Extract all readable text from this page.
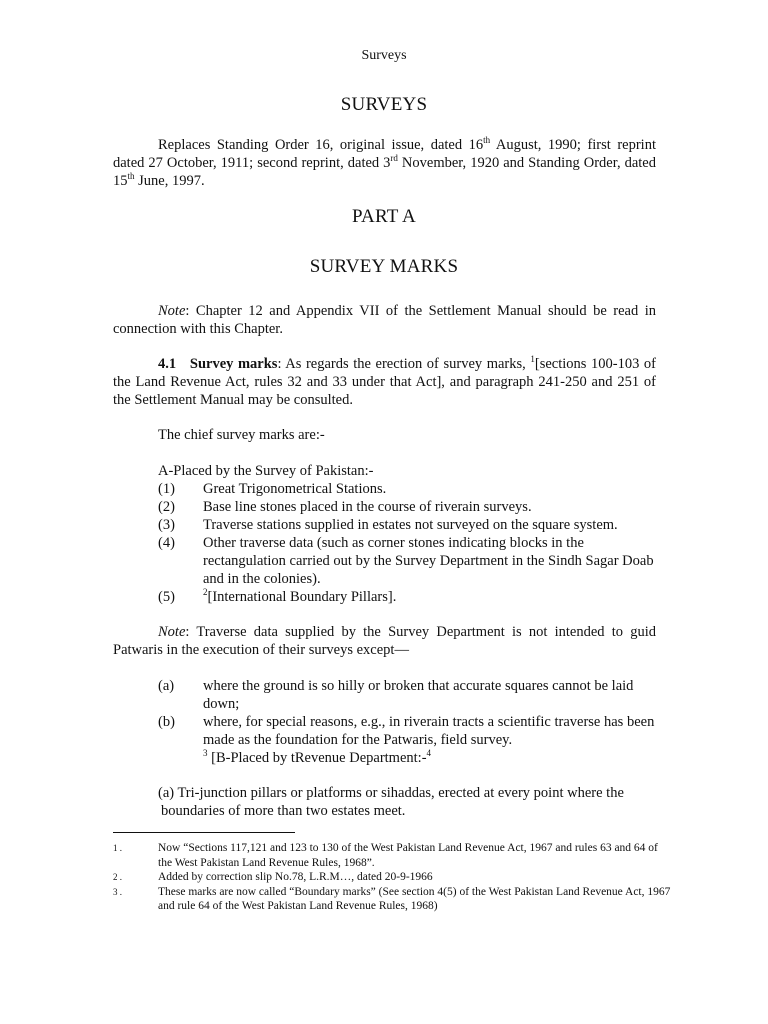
Surveys
SURVEYS
Replaces Standing Order 16, original issue, dated 16th August, 1990; first reprint dated 27 October, 1911; second reprint, dated 3rd November, 1920 and Standing Order, dated 15th June, 1997.
PART A
SURVEY MARKS
Note: Chapter 12 and Appendix VII of the Settlement Manual should be read in connection with this Chapter.
4.1 Survey marks: As regards the erection of survey marks, $^1$[sections 100-103 of the Land Revenue Act, rules 32 and 33 under that Act], and paragraph 241-250 and 251 of the Settlement Manual may be consulted.
The chief survey marks are:-
A-Placed by the Survey of Pakistan:-
(1) Great Trigonometrical Stations.
(2) Base line stones placed in the course of riverain surveys.
(3) Traverse stations supplied in estates not surveyed on the square system.
(4) Other traverse data (such as corner stones indicating blocks in the rectangulation carried out by the Survey Department in the Sindh Sagar Doab and in the colonies).
(5)	$^2$[International Boundary Pillars].
Note: Traverse data supplied by the Survey Department is not intended to guid Patwaris in the execution of their surveys except—
(a) where the ground is so hilly or broken that accurate squares cannot be laid down;
(b) where, for special reasons, e.g., in riverain tracts a scientific traverse has been made as the foundation for the Patwaris, field survey.
$^3$ [B-Placed by tRevenue Department:-$^4$
(a) Tri-junction pillars or platforms or sihaddas, erected at every point where the
boundaries of more than two estates meet.
1 .	Now “Sections 117,121 and 123 to 130 of the West Pakistan Land Revenue Act, 1967 and rules 63 and 64 of the West Pakistan Land Revenue Rules, 1968”.
2 .	Added by correction slip No.78, L.R.M…, dated 20-9-1966
3 .	These marks are now called “Boundary marks” (See section 4(5) of the West Pakistan Land Revenue Act, 1967 and rule 64 of the West Pakistan Land Revenue Rules, 1968)
